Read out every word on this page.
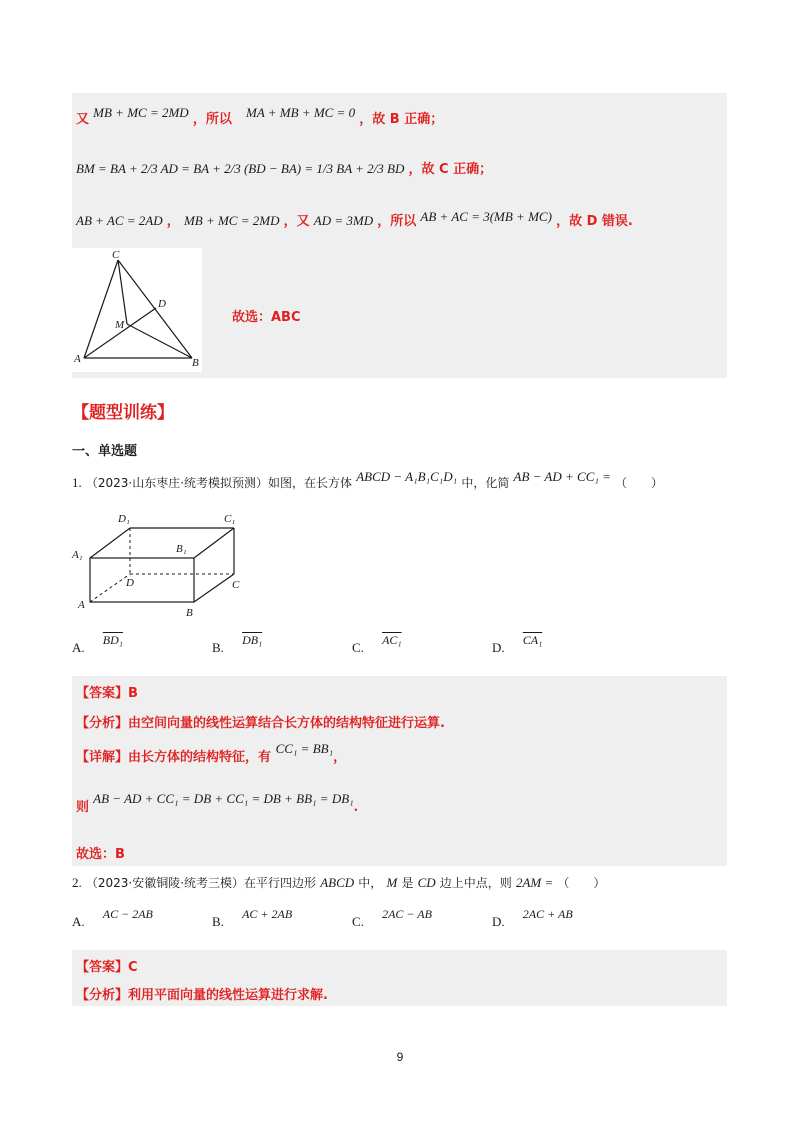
又 MB + MC = 2MD ，所以 MA + MB + MC = 0 ，故 B 正确；
BM = BA + 2/3 AD = BA + 2/3 (BD − BA) = 1/3 BA + 2/3 BD ，故 C 正确；
AB + AC = 2AD ， MB + MC = 2MD ，又 AD = 3MD ，所以 AB + AC = 3(MB + MC) ，故 D 错误.
C
D
M
A	B
故选：ABC
【题型训练】
一、单选题
1. （2023·山东枣庄·统考模拟预测）如图，在长方体 ABCD − A₁B₁C₁D₁ 中，化简 AB − AD + CC₁ = （　　）
D₁	C₁
A₁	B₁
D	C
A
B
A. BD₁	B. DB₁	C. AC₁	D. CA₁
【答案】B
【分析】由空间向量的线性运算结合长方体的结构特征进行运算.
【详解】由长方体的结构特征，有 CC₁ = BB₁，
则 AB − AD + CC₁ = DB + CC₁ = DB + BB₁ = DB₁.
故选：B
2. （2023·安徽铜陵·统考三模）在平行四边形 ABCD 中， M 是 CD 边上中点，则 2AM = （　　）
A. AC − 2AB	B. AC + 2AB	C. 2AC − AB	D. 2AC + AB
【答案】C
【分析】利用平面向量的线性运算进行求解.
9
